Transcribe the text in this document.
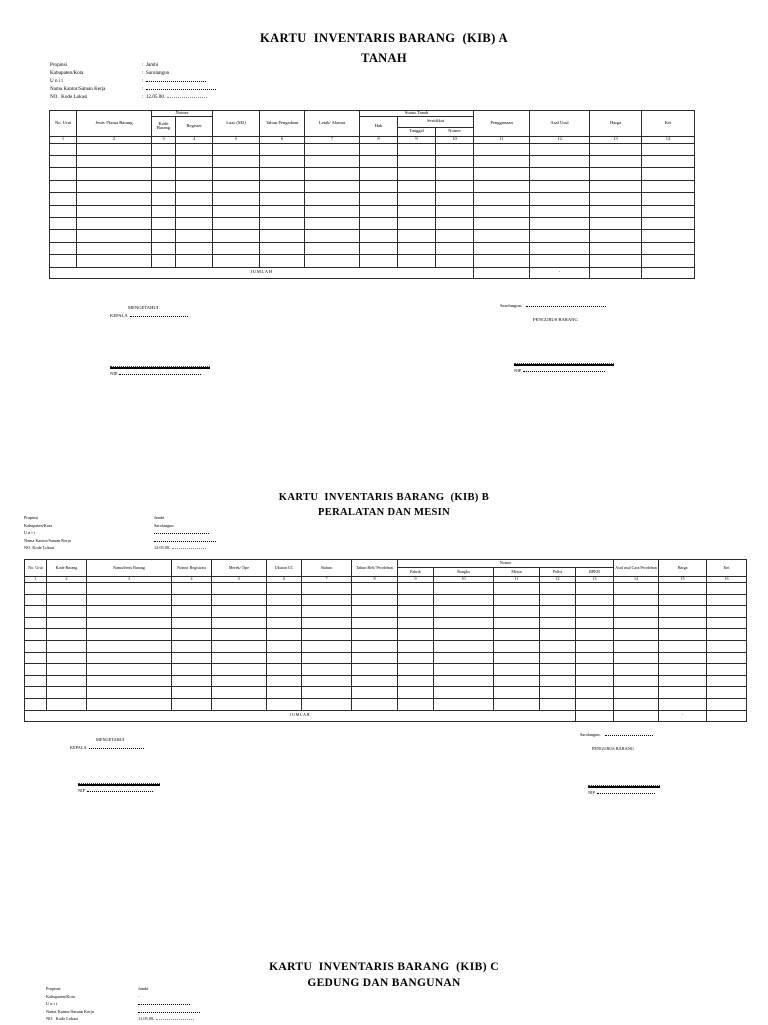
KARTU  INVENTARIS BARANG  (KIB) A
TANAH
Propinsi	: Jambi
Kabupaten/Kota	: Sarolangun
U n i t	:
Nama Kantor/Satuan Kerja	:
NO.  Kode Lokasi	: 12.05.00.
No. Urut	Jenis /Nama Barang	Nomer		Luas (M2)	Tahun Pengadaan	Letak/ Alamat	Status Tanah			Penggunaan	Asal Usul	Harga	Ket
		Kode Barang	Register				Hak	Sertifikat					
								Tanggal	Nomer				
1	2	3	4	5	6	7	8	9	10	11	12	13	14

JUMLAH											-		
MENGETAHUI
KEPALA
NIP
Sarolangun,
PENGURUS BARANG
NIP
KARTU  INVENTARIS BARANG  (KIB) B
PERALATAN DAN MESIN
Propinsi	Jambi
Kabupaten/Kota	Sarolangun
U n i t
Nama Kantor/Satuan Kerja
NO. Kode Lokasi	12.05.00.
No. Urut	Kode Barang	Nama/Jenis Barang	Nomor Registrasi	Merek/ Tipe	Ukuran CC	Bahan	Tahun Beli/ Perolehan	Nomor					Asal usul Cara Perolehan	Harga	Ket
								Pabrik	Rangka	Mesin	Polisi	BPKB			
1	2	3	4	5	6	7	8	9	10	11	12	13	14	15	16

JUMLAH														-	
MENGETAHUI
KEPALA
NIP
Sarolangun,
PENGURUS BARANG
NIP
KARTU  INVENTARIS BARANG  (KIB) C
GEDUNG DAN BANGUNAN
Propinsi	Jambi
Kabupaten/Kota	-
U n i t
Nama Kantor/Satuan Kerja
NO.  Kode Lokasi	11.05.00.
